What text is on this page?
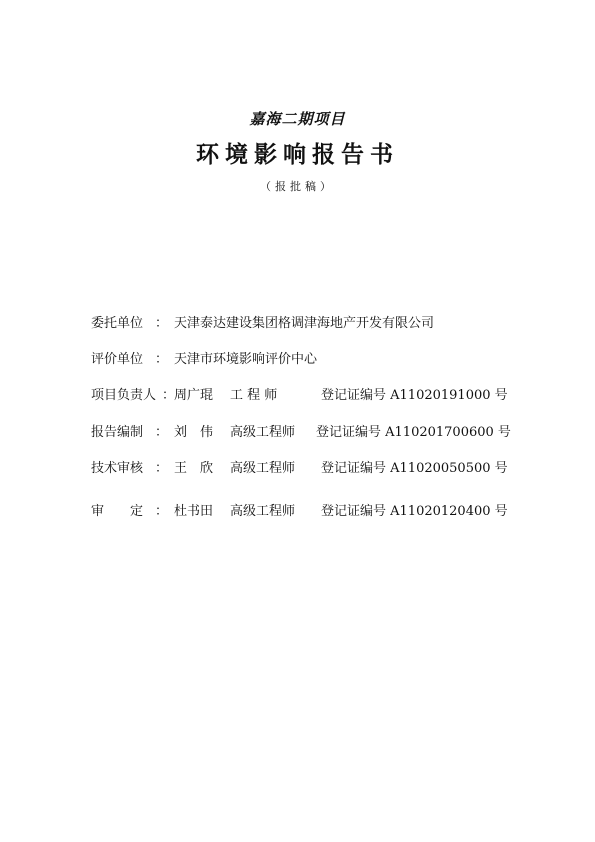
嘉海二期项目
环境影响报告书
（报批稿）
委托单位 ： 天津泰达建设集团格调津海地产开发有限公司
评价单位 ： 天津市环境影响评价中心
项目负责人 ：
周广琨 工 程 师	登记证编号 A11020191000 号
报告编制 ： 刘　伟 高级工程师 登记证编号 A110201700600 号
技术审核 ： 王　欣 高级工程师 登记证编号 A11020050500 号
审　　定 ： 杜书田 高级工程师 登记证编号 A11020120400 号
